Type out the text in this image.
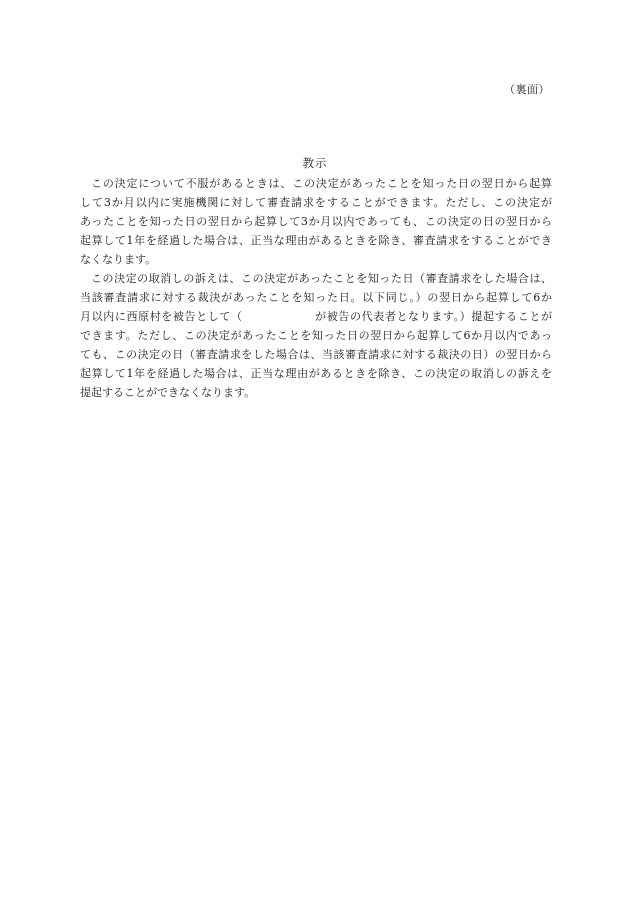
（裏面）
教示
この決定について不服があるときは、この決定があったことを知った日の翌日から起算
して3か月以内に実施機関に対して審査請求をすることができます。ただし、この決定が
あったことを知った日の翌日から起算して3か月以内であっても、この決定の日の翌日から
起算して1年を経過した場合は、正当な理由があるときを除き、審査請求をすることができ
なくなります。
この決定の取消しの訴えは、この決定があったことを知った日（審査請求をした場合は、
当該審査請求に対する裁決があったことを知った日。以下同じ。）の翌日から起算して6か
月以内に西原村を被告として（	が被告の代表者となります。）提起することが
できます。ただし、この決定があったことを知った日の翌日から起算して6か月以内であっ
ても、この決定の日（審査請求をした場合は、当該審査請求に対する裁決の日）の翌日から
起算して1年を経過した場合は、正当な理由があるときを除き、この決定の取消しの訴えを
提起することができなくなります。
